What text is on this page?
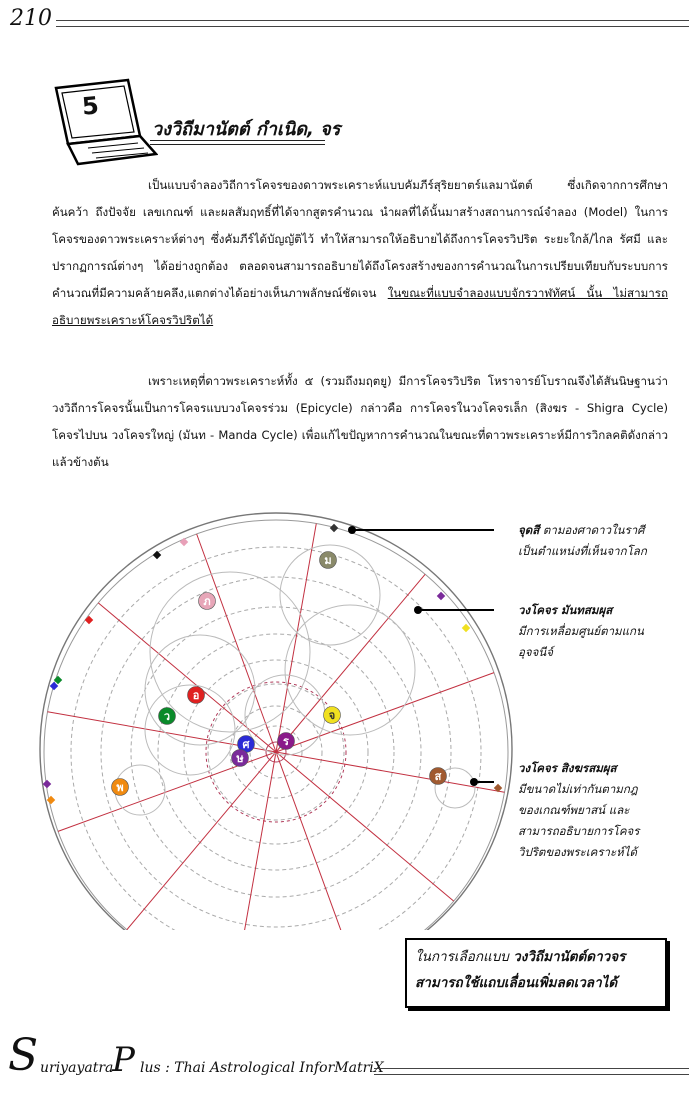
210
5
วงวิถีมานัตต์ กำเนิด, จร
เป็นแบบจำลองวิถีการโคจรของดาวพระเคราะห์แบบคัมภีร์สุริยยาตร์แลมานัตต์ ซึ่งเกิดจากการศึกษาค้นคว้า ถึงปัจจัย เลขเกณฑ์ และผลสัมฤทธิ์ที่ได้จากสูตรคำนวณ นำผลที่ได้นั้นมาสร้างสถานการณ์จำลอง (Model) ในการโคจรของดาวพระเคราะห์ต่างๆ ซึ่งคัมภีร์ได้บัญญัติไว้ ทำให้สามารถให้อธิบายได้ถึงการโคจรวิปริต ระยะใกล้/ไกล รัศมี และ ปรากฏการณ์ต่างๆ ได้อย่างถูกต้อง ตลอดจนสามารถอธิบายได้ถึงโครงสร้างของการคำนวณในการเปรียบเทียบกับระบบการคำนวณที่มีความคล้ายคลึง,แตกต่างได้อย่างเห็นภาพลักษณ์ชัดเจน ในขณะที่แบบจำลองแบบจักรวาฬทัศน์ นั้น ไม่สามารถอธิบายพระเคราะห์โคจรวิปริตได้
เพราะเหตุที่ดาวพระเคราะห์ทั้ง ๕ (รวมถึงมฤตยู) มีการโคจรวิปริต โหราจารย์โบราณจึงได้สันนิษฐานว่า วงวิถีการโคจรนั้นเป็นการโคจรแบบวงโคจรร่วม (Epicycle) กล่าวคือ การโคจรในวงโคจรเล็ก (สิงฆร - Shigra Cycle) โคจรไปบน วงโคจรใหญ่ (มันท - Manda Cycle) เพื่อแก้ไขปัญหาการคำนวณในขณะที่ดาวพระเคราะห์มีการวิกลคติดังกล่าวแล้วข้างต้น
ม
ภ
อ
ว	จ
ศ	ร
ษ
ส
พ
จุดสี ตามองศาดาวในราศี
เป็นตำแหน่งที่เห็นจากโลก
วงโคจร มันทสมผุส
มีการเหลื่อมศูนย์ตามแกน
อุจจนีจ์
วงโคจร สิงฆรสมผุส
มีขนาดไม่เท่ากันตามกฎ
ของเกณฑ์พยาสน์ และ
สามารถอธิบายการโคจร
วิปริตของพระเคราะห์ได้
ในการเลือกแบบ วงวิถีมานัตต์ดาวจร
สามารถใช้แถบเลื่อนเพิ่มลดเวลาได้
S uriyayatra
P lus : Thai Astrological InforMatriX
